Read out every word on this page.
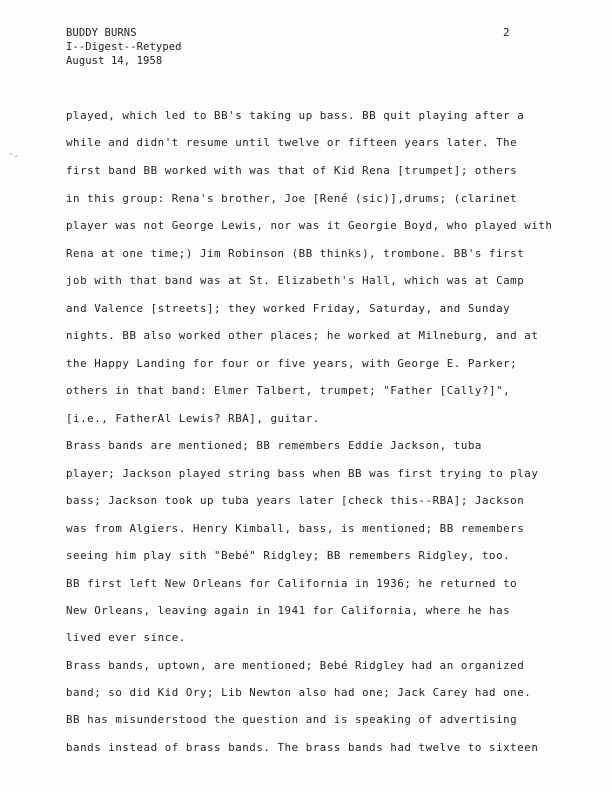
BUDDY BURNS
I--Digest--Retyped
August 14, 1958
2
·.
played, which led to BB's taking up bass. BB quit playing after a
while and didn't resume until twelve or fifteen years later. The
first band BB worked with was that of Kid Rena [trumpet]; others
in this group: Rena's brother, Joe [René (sic)],drums; (clarinet
player was not George Lewis, nor was it Georgie Boyd, who played with
Rena at one time;) Jim Robinson (BB thinks), trombone. BB's first
job with that band was at St. Elizabeth's Hall, which was at Camp
and Valence [streets]; they worked Friday, Saturday, and Sunday
nights. BB also worked other places; he worked at Milneburg, and at
the Happy Landing for four or five years, with George E. Parker;
others in that band: Elmer Talbert, trumpet; "Father [Cally?]",
[i.e., FatherAl Lewis? RBA], guitar.
Brass bands are mentioned; BB remembers Eddie Jackson, tuba
player; Jackson played string bass when BB was first trying to play
bass; Jackson took up tuba years later [check this--RBA]; Jackson
was from Algiers. Henry Kimball, bass, is mentioned; BB remembers
seeing him play sith "Bebé" Ridgley; BB remembers Ridgley, too.
BB first left New Orleans for California in 1936; he returned to
New Orleans, leaving again in 1941 for California, where he has
lived ever since.
Brass bands, uptown, are mentioned; Bebé Ridgley had an organized
band; so did Kid Ory; Lib Newton also had one; Jack Carey had one.
BB has misunderstood the question and is speaking of advertising
bands instead of brass bands. The brass bands had twelve to sixteen
